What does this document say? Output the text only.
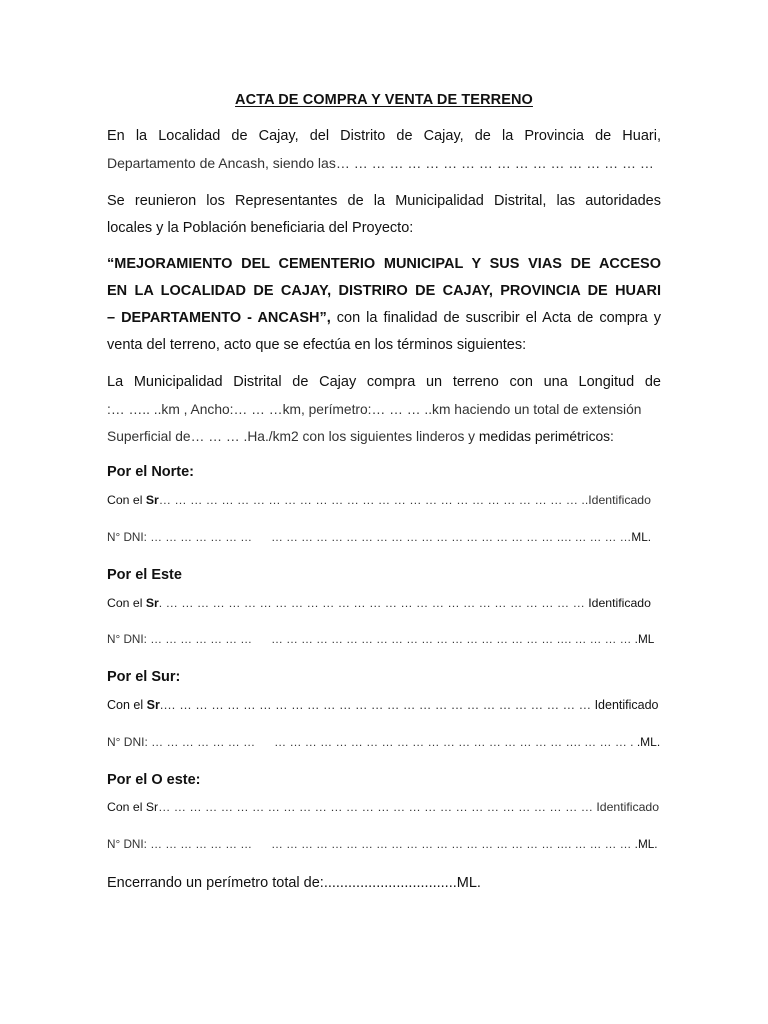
ACTA DE COMPRA Y VENTA DE TERRENO
En la Localidad de Cajay, del Distrito de Cajay, de la Provincia de Huari,
Departamento de Ancash, siendo las… … … … … … … … … … … … … … … … … …
Se reunieron los Representantes de la Municipalidad Distrital, las autoridades
locales y la Población beneficiaria del Proyecto:
“MEJORAMIENTO DEL CEMENTERIO MUNICIPAL Y SUS VIAS DE ACCESO
EN LA LOCALIDAD DE CAJAY, DISTRIRO DE CAJAY, PROVINCIA DE HUARI
– DEPARTAMENTO - ANCASH”, con la finalidad de suscribir el Acta de compra y
venta del terreno, acto que se efectúa en los términos siguientes:
La Municipalidad Distrital de Cajay compra un terreno con una Longitud de
:… ….. ..km , Ancho:… … …km, perímetro:… … … ..km haciendo un total de extensión
Superficial de… … … .Ha./km2 con los siguientes linderos y medidas perimétricos:
Por el Norte:
Con el Sr… … … … … … … … … … … … … … … … … … … … … … … … … … … ..Identificado
N° DNI: … … … … … … … … … … … … … … … … … … … … … … … … … … …. … … … …ML.
Por el Este
Con el Sr. … … … … … … … … … … … … … … … … … … … … … … … … … … … Identificado
N° DNI: … … … … … … … … … … … … … … … … … … … … … … … … … … …. … … … … .ML
Por el Sur:
Con el Sr.… … … … … … … … … … … … … … … … … … … … … … … … … … … Identificado
N° DNI: … … … … … … … … … … … … … … … … … … … … … … … … … … …. … … … . .ML.
Por el O este:
Con el Sr… … … … … … … … … … … … … … … … … … … … … … … … … … … … Identificado
N° DNI: … … … … … … … … … … … … … … … … … … … … … … … … … … …. … … … … .ML.
Encerrando un perímetro total de:.................................ML.
